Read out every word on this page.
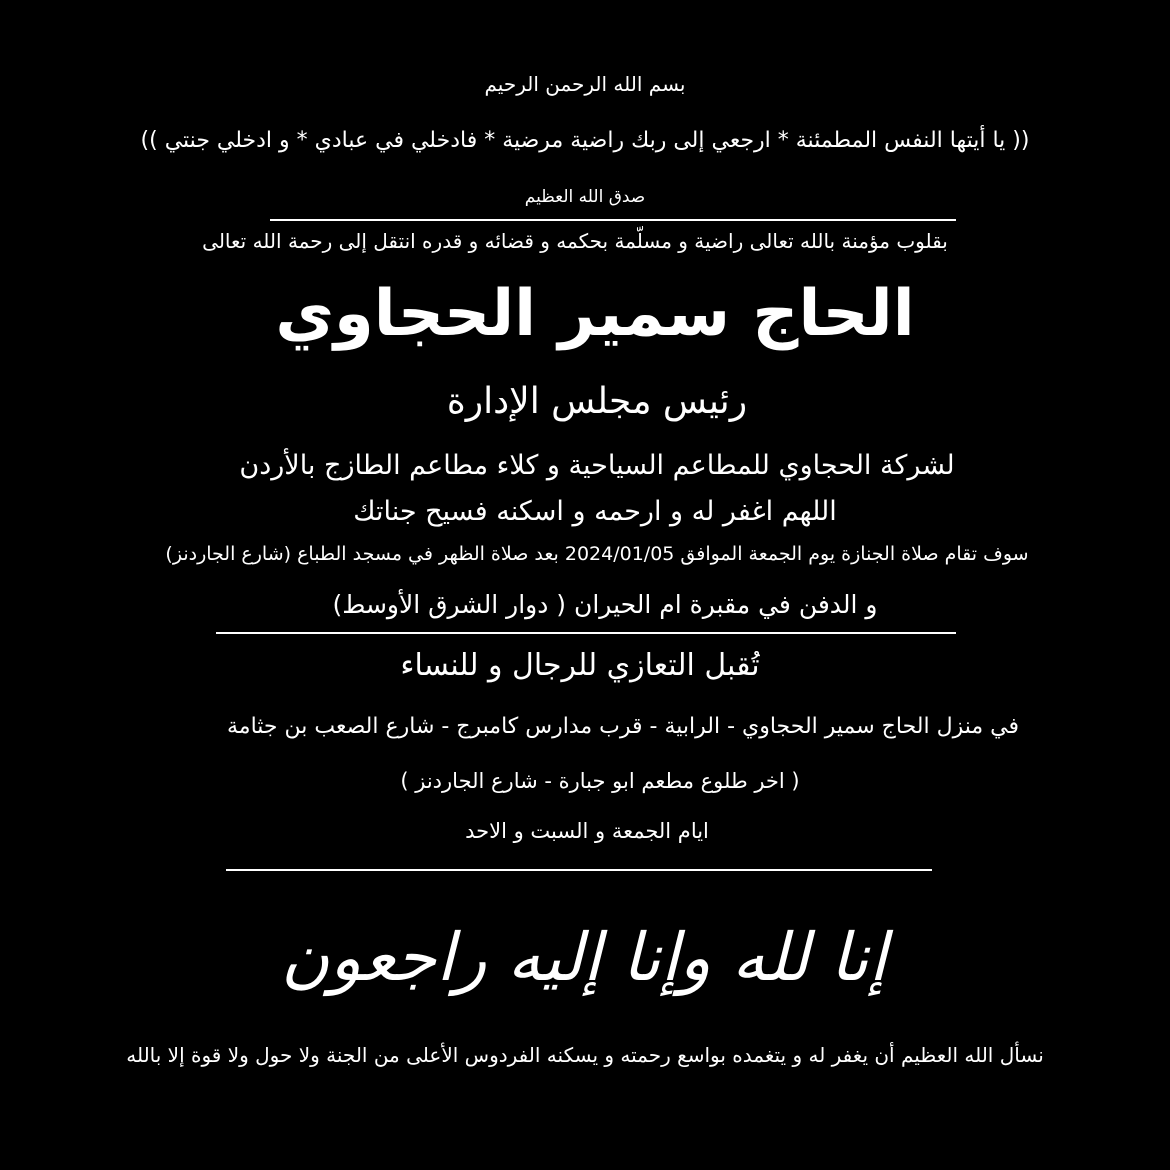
بسم الله الرحمن الرحيم
(( يا أيتها النفس المطمئنة * ارجعي إلى ربك راضية مرضية * فادخلي في عبادي * و ادخلي جنتي ))
صدق الله العظيم
بقلوب مؤمنة بالله تعالى راضية و مسلّمة بحكمه و قضائه و قدره انتقل إلى رحمة الله تعالى
الحاج سمير الحجاوي
رئيس مجلس الإدارة
لشركة الحجاوي للمطاعم السياحية و كلاء مطاعم الطازج بالأردن
اللهم اغفر له و ارحمه و اسكنه فسيح جناتك
سوف تقام صلاة الجنازة يوم الجمعة الموافق 2024/01/05 بعد صلاة الظهر في مسجد الطباع (شارع الجاردنز)
و الدفن في مقبرة ام الحيران ( دوار الشرق الأوسط)
تُقبل التعازي للرجال و للنساء
في منزل الحاج سمير الحجاوي - الرابية - قرب مدارس كامبرج - شارع الصعب بن جثامة
( اخر طلوع مطعم ابو جبارة - شارع الجاردنز )
ايام الجمعة و السبت و الاحد
إنا لله وإنا إليه راجعون
نسأل الله العظيم أن يغفر له و يتغمده بواسع رحمته و يسكنه الفردوس الأعلى من الجنة ولا حول ولا قوة إلا بالله
